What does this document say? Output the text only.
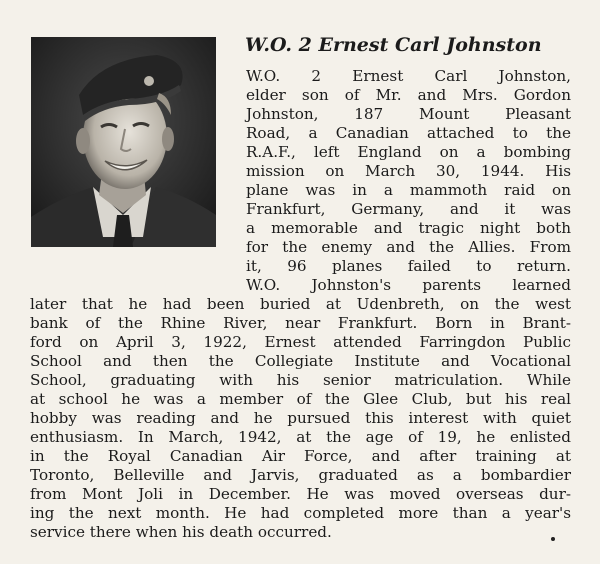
W.O. 2 Ernest Carl Johnston
W.O. 2 Ernest Carl Johnston,
elder son of Mr. and Mrs. Gordon
Johnston, 187 Mount Pleasant
Road, a Canadian attached to the
R.A.F., left England on a bombing
mission on March 30, 1944. His
plane was in a mammoth raid on
Frankfurt, Germany, and it was
a memorable and tragic night both
for the enemy and the Allies. From
it, 96 planes failed to return.
W.O. Johnston's parents learned
later that he had been buried at Udenbreth, on the west
bank of the Rhine River, near Frankfurt. Born in Brant-
ford on April 3, 1922, Ernest attended Farringdon Public
School and then the Collegiate Institute and Vocational
School, graduating with his senior matriculation. While
at school he was a member of the Glee Club, but his real
hobby was reading and he pursued this interest with quiet
enthusiasm. In March, 1942, at the age of 19, he enlisted
in the Royal Canadian Air Force, and after training at
Toronto, Belleville and Jarvis, graduated as a bombardier
from Mont Joli in December. He was moved overseas dur-
ing the next month. He had completed more than a year's
service there when his death occurred.
